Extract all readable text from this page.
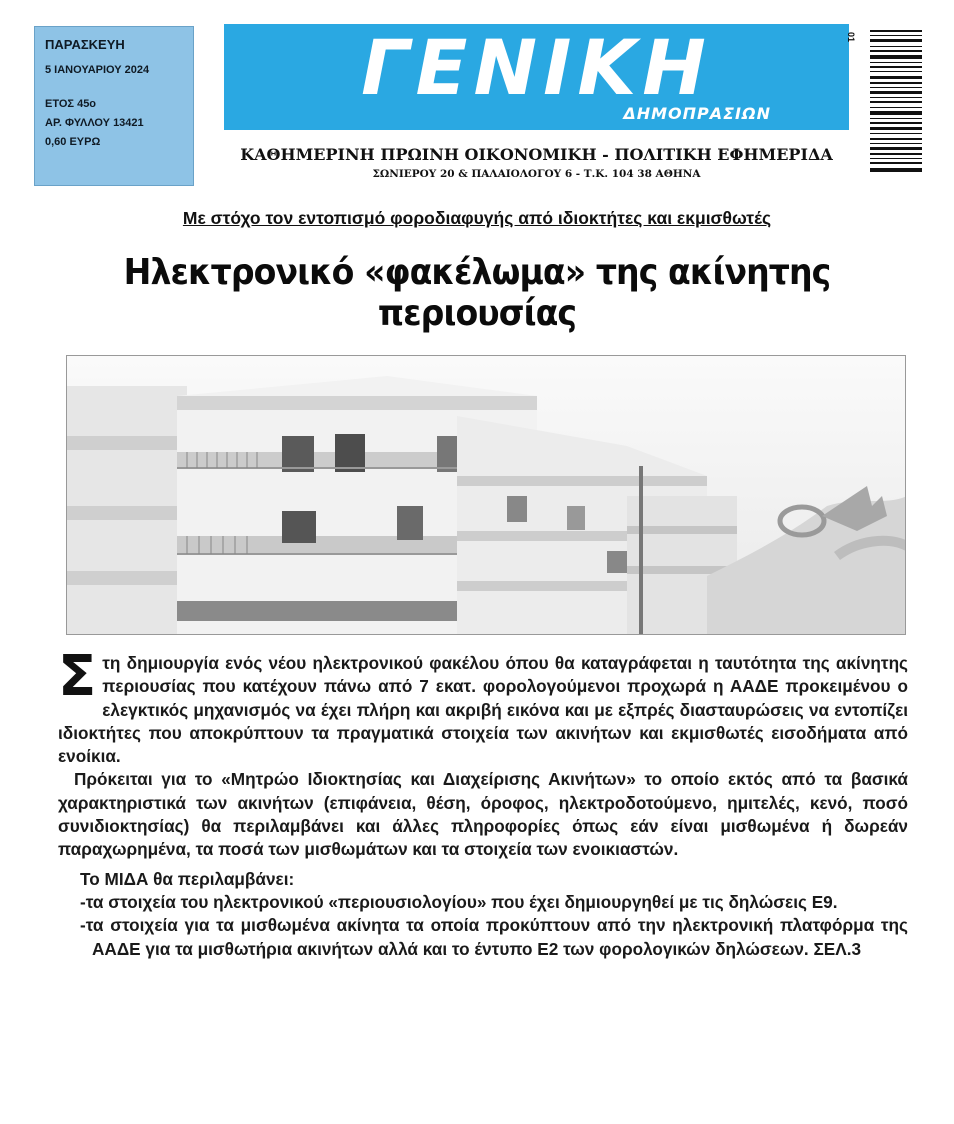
ΠΑΡΑΣΚΕΥΗ
5 ΙΑΝΟΥΑΡΙΟΥ 2024
ΕΤΟΣ 45ο
ΑΡ. ΦΥΛΛΟΥ 13421
0,60 ΕΥΡΩ
ΓΕΝΙΚΗ
ΔΗΜΟΠΡΑΣΙΩΝ
ΚΑΘΗΜΕΡΙΝΗ ΠΡΩΙΝΗ ΟΙΚΟΝΟΜΙΚΗ - ΠΟΛΙΤΙΚΗ ΕΦΗΜΕΡΙΔΑ
ΣΩΝΙΕΡΟΥ 20 & ΠΑΛΑΙΟΛΟΓΟΥ 6 - Τ.Κ. 104 38 ΑΘΗΝΑ
01
Με στόχο τον εντοπισμό φοροδιαφυγής από ιδιοκτήτες και εκμισθωτές
Ηλεκτρονικό «φακέλωμα» της ακίνητης περιουσίας

Στη δημιουργία ενός νέου ηλεκτρονικού φακέλου όπου θα καταγράφεται η ταυτότητα της ακίνητης περιουσίας που κατέχουν πάνω από 7 εκατ. φορολογούμενοι προχωρά η ΑΑΔΕ προκειμένου ο ελεγκτικός μηχανισμός να έχει πλήρη και ακριβή εικόνα και με εξπρές διασταυρώσεις να εντοπίζει ιδιοκτήτες που αποκρύπτουν τα πραγματικά στοιχεία των ακινήτων και εκμισθωτές εισοδήματα από ενοίκια.

Πρόκειται για το «Μητρώο Ιδιοκτησίας και Διαχείρισης Ακινήτων» το οποίο εκτός από τα βασικά χαρακτηριστικά των ακινήτων (επιφάνεια, θέση, όροφος, ηλεκτροδοτούμενο, ημιτελές, κενό, ποσό συνιδιοκτησίας) θα περιλαμβάνει και άλλες πληροφορίες όπως εάν είναι μισθωμένα ή δωρεάν παραχωρημένα, τα ποσά των μισθωμάτων και τα στοιχεία των ενοικιαστών.

Το ΜΙΔΑ θα περιλαμβάνει:

-τα στοιχεία του ηλεκτρονικού «περιουσιολογίου» που έχει δημιουργηθεί με τις δηλώσεις Ε9.

-τα στοιχεία για τα μισθωμένα ακίνητα τα οποία προκύπτουν από την ηλεκτρονική πλατφόρμα της ΑΑΔΕ για τα μισθωτήρια ακινήτων αλλά και το έντυπο Ε2 των φορολογικών δηλώσεων. ΣΕΛ.3
